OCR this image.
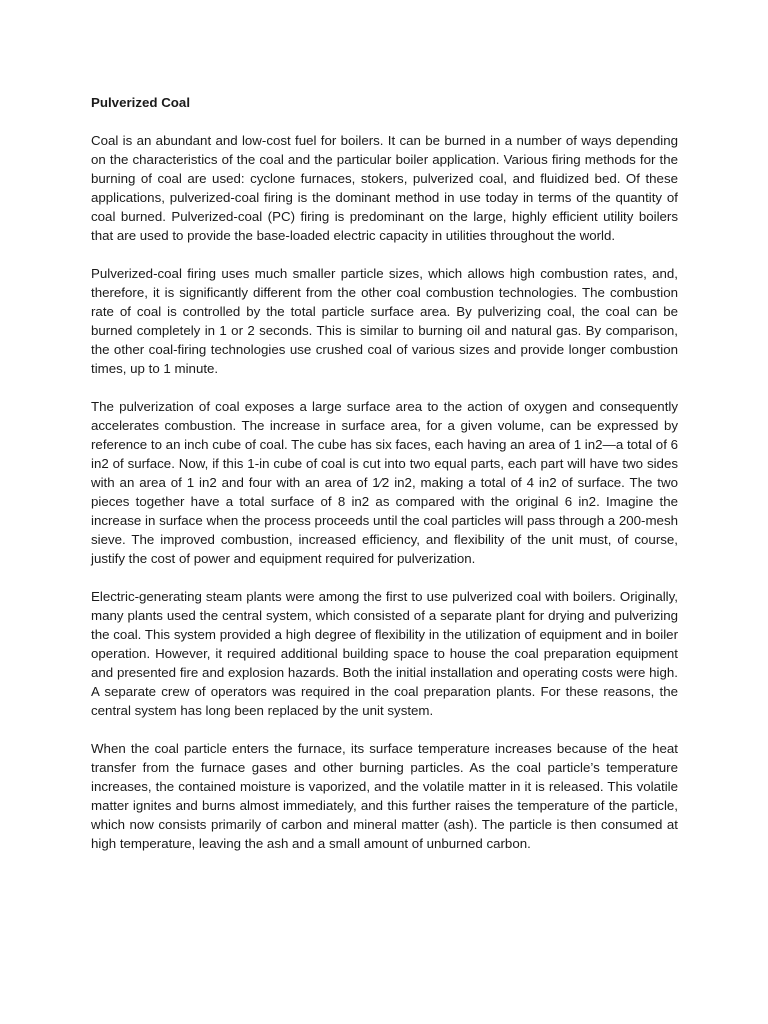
Pulverized Coal

Coal is an abundant and low-cost fuel for boilers. It can be burned in a number of ways depending on the characteristics of the coal and the particular boiler application. Various firing methods for the burning of coal are used: cyclone furnaces, stokers, pulverized coal, and fluidized bed. Of these applications, pulverized-coal firing is the dominant method in use today in terms of the quantity of coal burned. Pulverized-coal (PC) firing is predominant on the large, highly efficient utility boilers that are used to provide the base-loaded electric capacity in utilities throughout the world.

Pulverized-coal firing uses much smaller particle sizes, which allows high combustion rates, and, therefore, it is significantly different from the other coal combustion technologies. The combustion rate of coal is controlled by the total particle surface area. By pulverizing coal, the coal can be burned completely in 1 or 2 seconds. This is similar to burning oil and natural gas. By comparison, the other coal-firing technologies use crushed coal of various sizes and provide longer combustion times, up to 1 minute.

The pulverization of coal exposes a large surface area to the action of oxygen and consequently accelerates combustion. The increase in surface area, for a given volume, can be expressed by reference to an inch cube of coal. The cube has six faces, each having an area of 1 in2—a total of 6 in2 of surface. Now, if this 1-in cube of coal is cut into two equal parts, each part will have two sides with an area of 1 in2 and four with an area of 1⁄2 in2, making a total of 4 in2 of surface. The two pieces together have a total surface of 8 in2 as compared with the original 6 in2. Imagine the increase in surface when the process proceeds until the coal particles will pass through a 200-mesh sieve. The improved combustion, increased efficiency, and flexibility of the unit must, of course, justify the cost of power and equipment required for pulverization.

Electric-generating steam plants were among the first to use pulverized coal with boilers. Originally, many plants used the central system, which consisted of a separate plant for drying and pulverizing the coal. This system provided a high degree of flexibility in the utilization of equipment and in boiler operation. However, it required additional building space to house the coal preparation equipment and presented fire and explosion hazards. Both the initial installation and operating costs were high. A separate crew of operators was required in the coal preparation plants. For these reasons, the central system has long been replaced by the unit system.

When the coal particle enters the furnace, its surface temperature increases because of the heat transfer from the furnace gases and other burning particles. As the coal particle’s temperature increases, the contained moisture is vaporized, and the volatile matter in it is released. This volatile matter ignites and burns almost immediately, and this further raises the temperature of the particle, which now consists primarily of carbon and mineral matter (ash). The particle is then consumed at high temperature, leaving the ash and a small amount of unburned carbon.
